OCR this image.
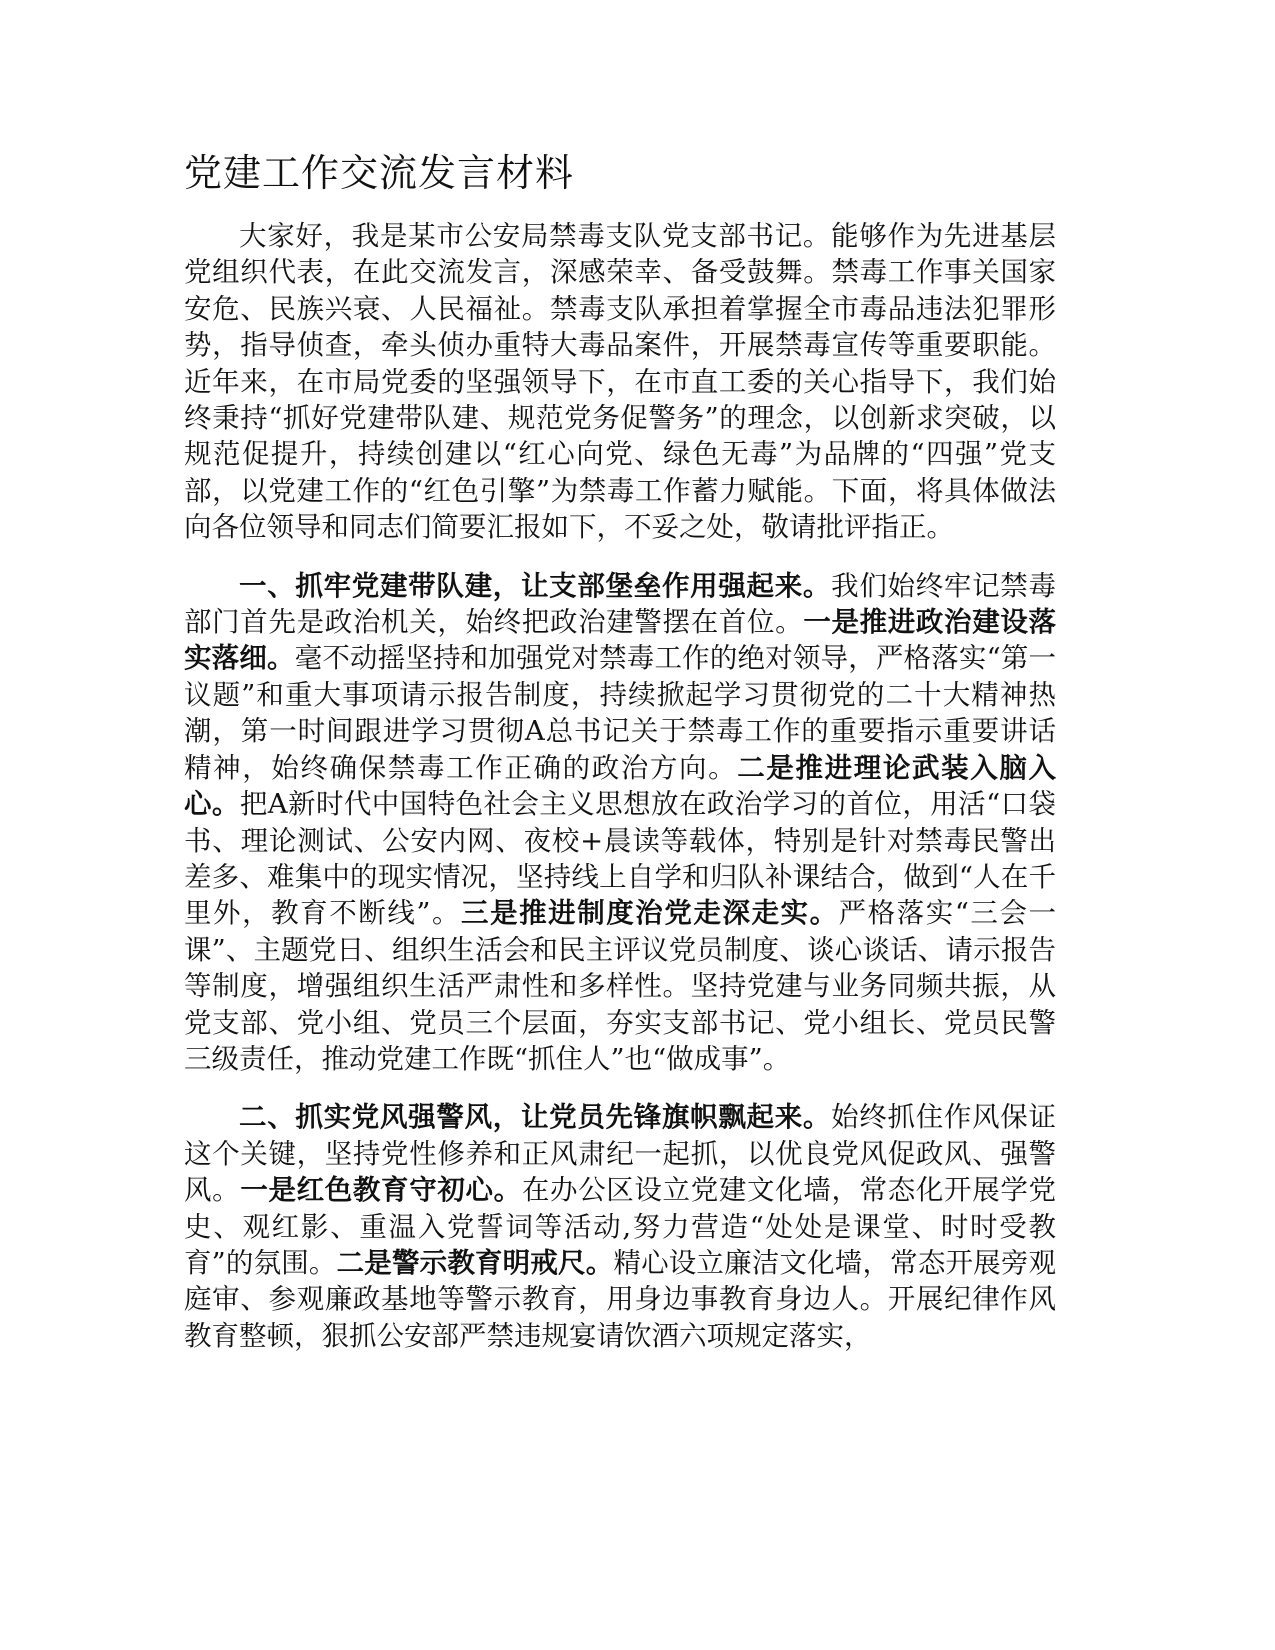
党建工作交流发言材料

大家好，我是某市公安局禁毒支队党支部书记。能够作为先进基层党组织代表，在此交流发言，深感荣幸、备受鼓舞。禁毒工作事关国家安危、民族兴衰、人民福祉。禁毒支队承担着掌握全市毒品违法犯罪形势，指导侦查，牵头侦办重特大毒品案件，开展禁毒宣传等重要职能。近年来，在市局党委的坚强领导下，在市直工委的关心指导下，我们始终秉持“抓好党建带队建、规范党务促警务”的理念，以创新求突破，以规范促提升，持续创建以“红心向党、绿色无毒”为品牌的“四强”党支部，以党建工作的“红色引擎”为禁毒工作蓄力赋能。下面，将具体做法向各位领导和同志们简要汇报如下，不妥之处，敬请批评指正。

一、抓牢党建带队建，让支部堡垒作用强起来。我们始终牢记禁毒部门首先是政治机关，始终把政治建警摆在首位。一是推进政治建设落实落细。毫不动摇坚持和加强党对禁毒工作的绝对领导，严格落实“第一议题”和重大事项请示报告制度，持续掀起学习贯彻党的二十大精神热潮，第一时间跟进学习贯彻A总书记关于禁毒工作的重要指示重要讲话精神，始终确保禁毒工作正确的政治方向。二是推进理论武装入脑入心。把A新时代中国特色社会主义思想放在政治学习的首位，用活“口袋书、理论测试、公安内网、夜校+晨读等载体，特别是针对禁毒民警出差多、难集中的现实情况，坚持线上自学和归队补课结合，做到“人在千里外，教育不断线”。三是推进制度治党走深走实。严格落实“三会一课”、主题党日、组织生活会和民主评议党员制度、谈心谈话、请示报告等制度，增强组织生活严肃性和多样性。坚持党建与业务同频共振，从党支部、党小组、党员三个层面，夯实支部书记、党小组长、党员民警三级责任，推动党建工作既“抓住人”也“做成事”。

二、抓实党风强警风，让党员先锋旗帜飘起来。始终抓住作风保证这个关键，坚持党性修养和正风肃纪一起抓，以优良党风促政风、强警风。一是红色教育守初心。在办公区设立党建文化墙，常态化开展学党史、观红影、重温入党誓词等活动,努力营造“处处是课堂、时时受教育”的氛围。二是警示教育明戒尺。精心设立廉洁文化墙，常态开展旁观庭审、参观廉政基地等警示教育，用身边事教育身边人。开展纪律作风教育整顿，狠抓公安部严禁违规宴请饮酒六项规定落实，
